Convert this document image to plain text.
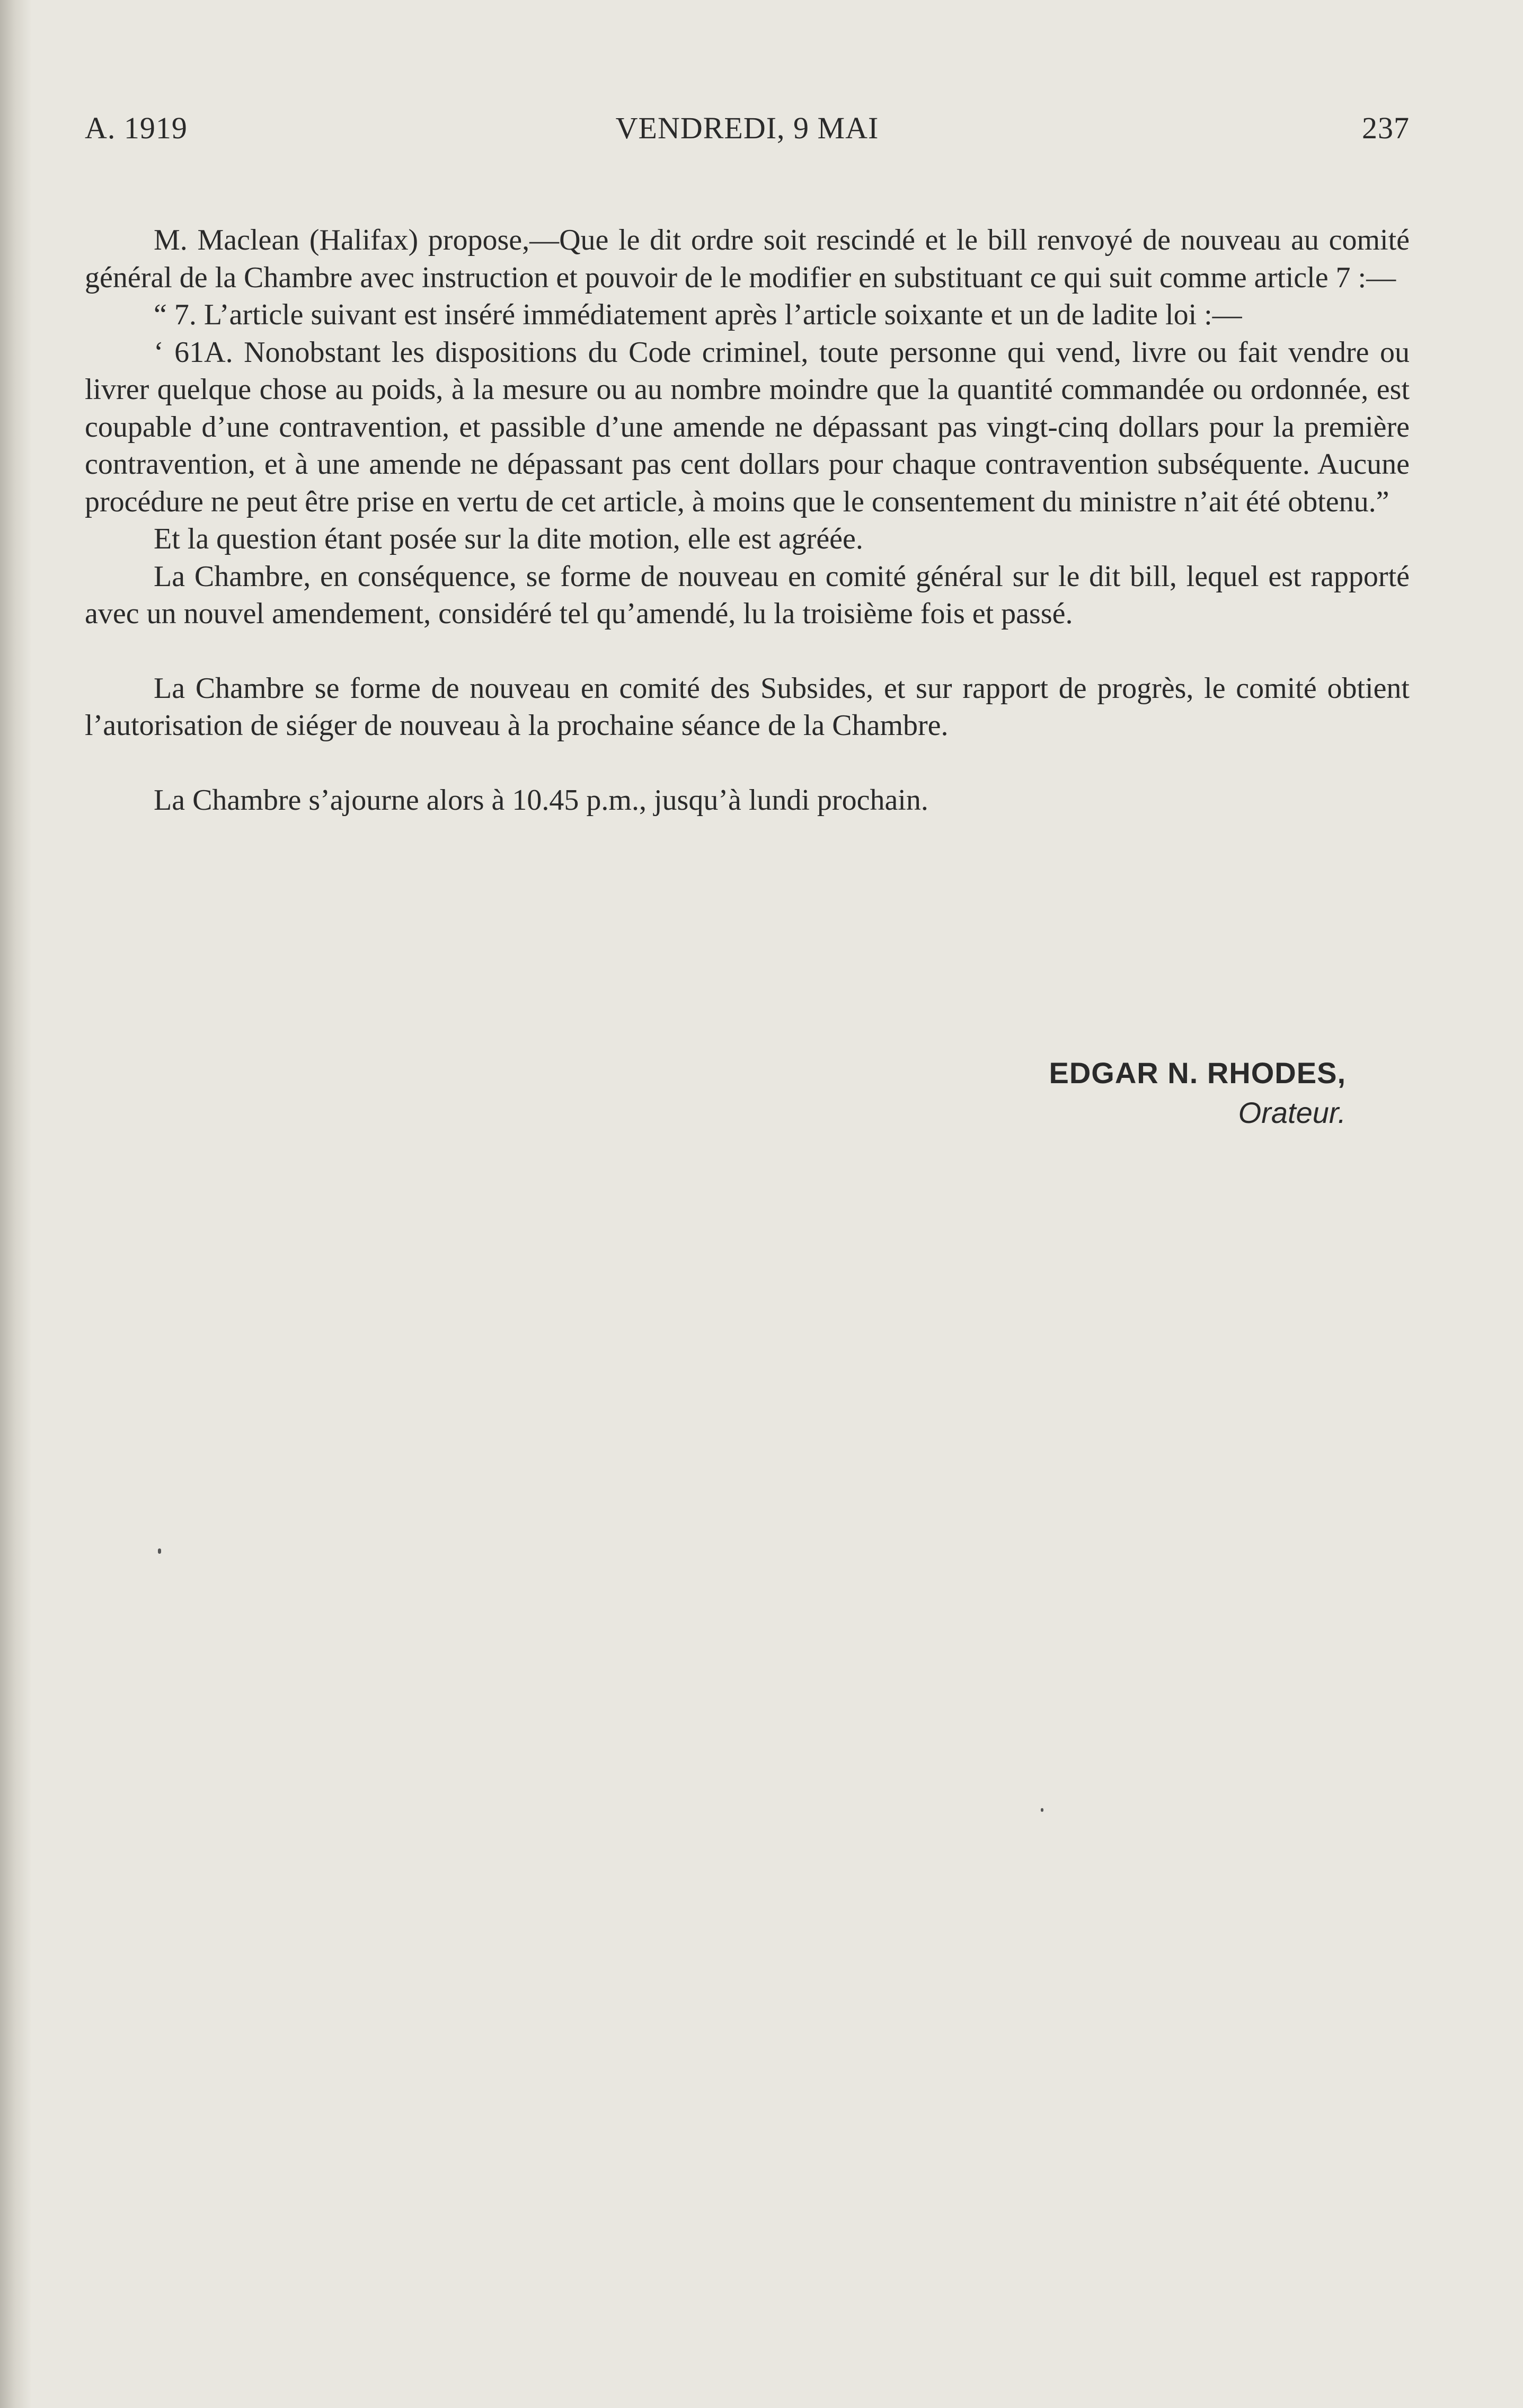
A. 1919	VENDREDI, 9 MAI	237

M. Maclean (Halifax) propose,—Que le dit ordre soit rescindé et le bill renvoyé de nouveau au comité général de la Chambre avec instruction et pouvoir de le modifier en substituant ce qui suit comme article 7 :—

“ 7. L’article suivant est inséré immédiatement après l’article soixante et un de ladite loi :—

‘ 61A. Nonobstant les dispositions du Code criminel, toute personne qui vend, livre ou fait vendre ou livrer quelque chose au poids, à la mesure ou au nombre moindre que la quantité commandée ou ordonnée, est coupable d’une contravention, et passible d’une amende ne dépassant pas vingt-cinq dollars pour la première contravention, et à une amende ne dépassant pas cent dollars pour chaque contravention subséquente. Aucune procédure ne peut être prise en vertu de cet article, à moins que le consentement du ministre n’ait été obtenu.”

Et la question étant posée sur la dite motion, elle est agréée.

La Chambre, en conséquence, se forme de nouveau en comité général sur le dit bill, lequel est rapporté avec un nouvel amendement, considéré tel qu’amendé, lu la troisième fois et passé.

La Chambre se forme de nouveau en comité des Subsides, et sur rapport de progrès, le comité obtient l’autorisation de siéger de nouveau à la prochaine séance de la Chambre.

La Chambre s’ajourne alors à 10.45 p.m., jusqu’à lundi prochain.

EDGAR N. RHODES,
Orateur.
